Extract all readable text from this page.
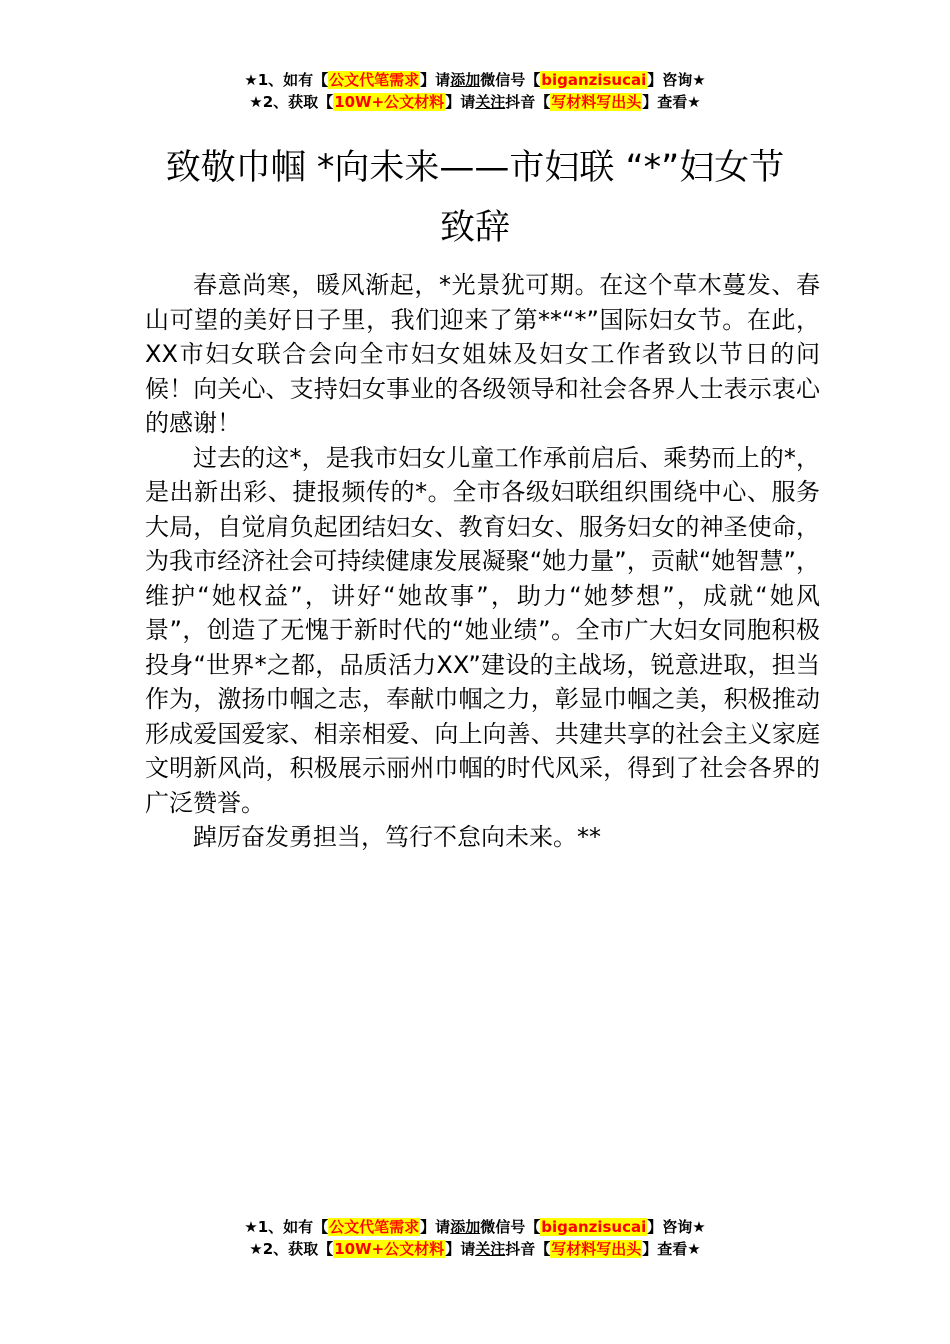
★1、如有【公文代笔需求】请添加微信号【biganzisucai】咨询★
★2、获取【10W+公文材料】请关注抖音【写材料写出头】查看★
致敬巾帼 *向未来——市妇联 “*”妇女节
致辞

春意尚寒，暖风渐起，*光景犹可期。在这个草木蔓发、春山可望的美好日子里，我们迎来了第**“*”国际妇女节。在此，XX市妇女联合会向全市妇女姐妹及妇女工作者致以节日的问候！向关心、支持妇女事业的各级领导和社会各界人士表示衷心的感谢！

过去的这*，是我市妇女儿童工作承前启后、乘势而上的*，是出新出彩、捷报频传的*。全市各级妇联组织围绕中心、服务大局，自觉肩负起团结妇女、教育妇女、服务妇女的神圣使命，为我市经济社会可持续健康发展凝聚“她力量”，贡献“她智慧”，维护“她权益”，讲好“她故事”，助力“她梦想”，成就“她风景”，创造了无愧于新时代的“她业绩”。全市广大妇女同胞积极投身“世界*之都，品质活力XX”建设的主战场，锐意进取，担当作为，激扬巾帼之志，奉献巾帼之力，彰显巾帼之美，积极推动形成爱国爱家、相亲相爱、向上向善、共建共享的社会主义家庭文明新风尚，积极展示丽州巾帼的时代风采，得到了社会各界的广泛赞誉。

踔厉奋发勇担当，笃行不怠向未来。**

★1、如有【公文代笔需求】请添加微信号【biganzisucai】咨询★
★2、获取【10W+公文材料】请关注抖音【写材料写出头】查看★
